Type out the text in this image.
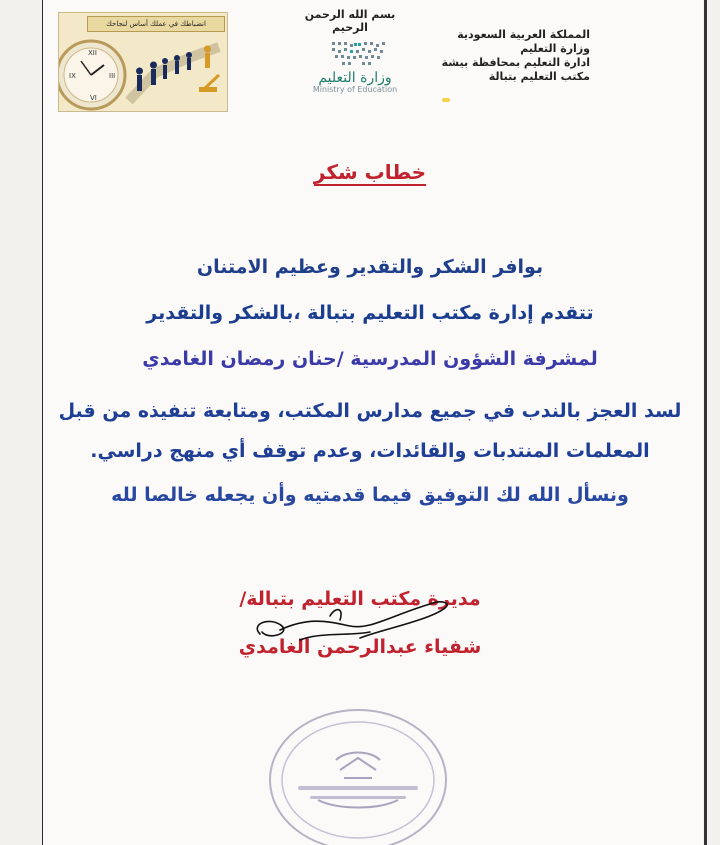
المملكة العربية السعودية
وزارة التعليم
ادارة التعليم بمحافظة بيشة
مكتب التعليم بتبالة
بسم الله الرحمن الرحيم
وزارة التعليم
Ministry of Education
انضباطك في عملك أساس لنجاحك
XII
III
IX
VI
خطاب شكر
بوافر الشكر والتقدير وعظيم الامتنان
تتقدم إدارة مكتب التعليم بتبالة ،بالشكر والتقدير
لمشرفة الشؤون المدرسية /حنان رمضان الغامدي
لسد العجز بالندب في جميع مدارس المكتب، ومتابعة تنفيذه من قبل
المعلمات المنتدبات والقائدات، وعدم توقف أي منهج دراسي.
ونسأل الله لك التوفيق فيما قدمتيه وأن يجعله خالصا لله
مديرة مكتب التعليم بتبالة/
شفياء عبدالرحمن الغامدي
